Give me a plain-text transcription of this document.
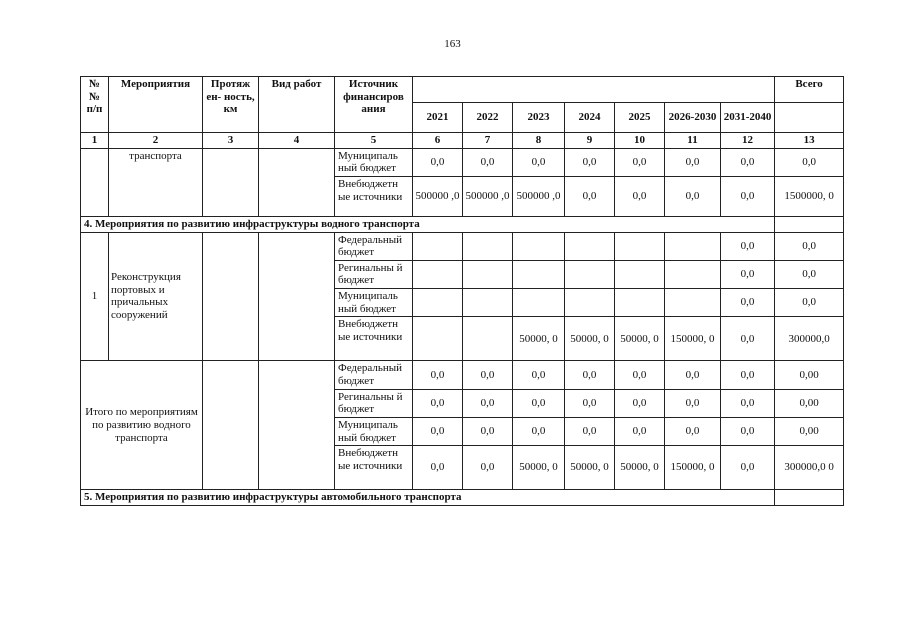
163
№ № п/п	Мероприятия	Протяж ен- ность, км	Вид работ	Источник финансиров ания								Всего
					2021	2022	2023	2024	2025	2026-2030	2031-2040	
1	2	3	4	5	6	7	8	9	10	11	12	13
	транспорта			Муниципаль ный бюджет	0,0	0,0	0,0	0,0	0,0	0,0	0,0	0,0
				Внебюджетн ые источники	500000 ,0	500000 ,0	500000 ,0	0,0	0,0	0,0	0,0	1500000, 0
4. Мероприятия по развитию инфраструктуры водного транспорта												
1	Реконструкция портовых и причальных сооружений			Федеральный бюджет							0,0	0,0
				Регинальны й бюджет							0,0	0,0
				Муниципаль ный бюджет							0,0	0,0
				Внебюджетн ые источники			50000, 0	50000, 0	50000, 0	150000, 0	0,0	300000,0
Итого по мероприятиям по развитию водного транспорта				Федеральный бюджет	0,0	0,0	0,0	0,0	0,0	0,0	0,0	0,00
				Регинальны й бюджет	0,0	0,0	0,0	0,0	0,0	0,0	0,0	0,00
				Муниципаль ный бюджет	0,0	0,0	0,0	0,0	0,0	0,0	0,0	0,00
				Внебюджетн ые источники	0,0	0,0	50000, 0	50000, 0	50000, 0	150000, 0	0,0	300000,0 0
5. Мероприятия по развитию инфраструктуры автомобильного транспорта												
